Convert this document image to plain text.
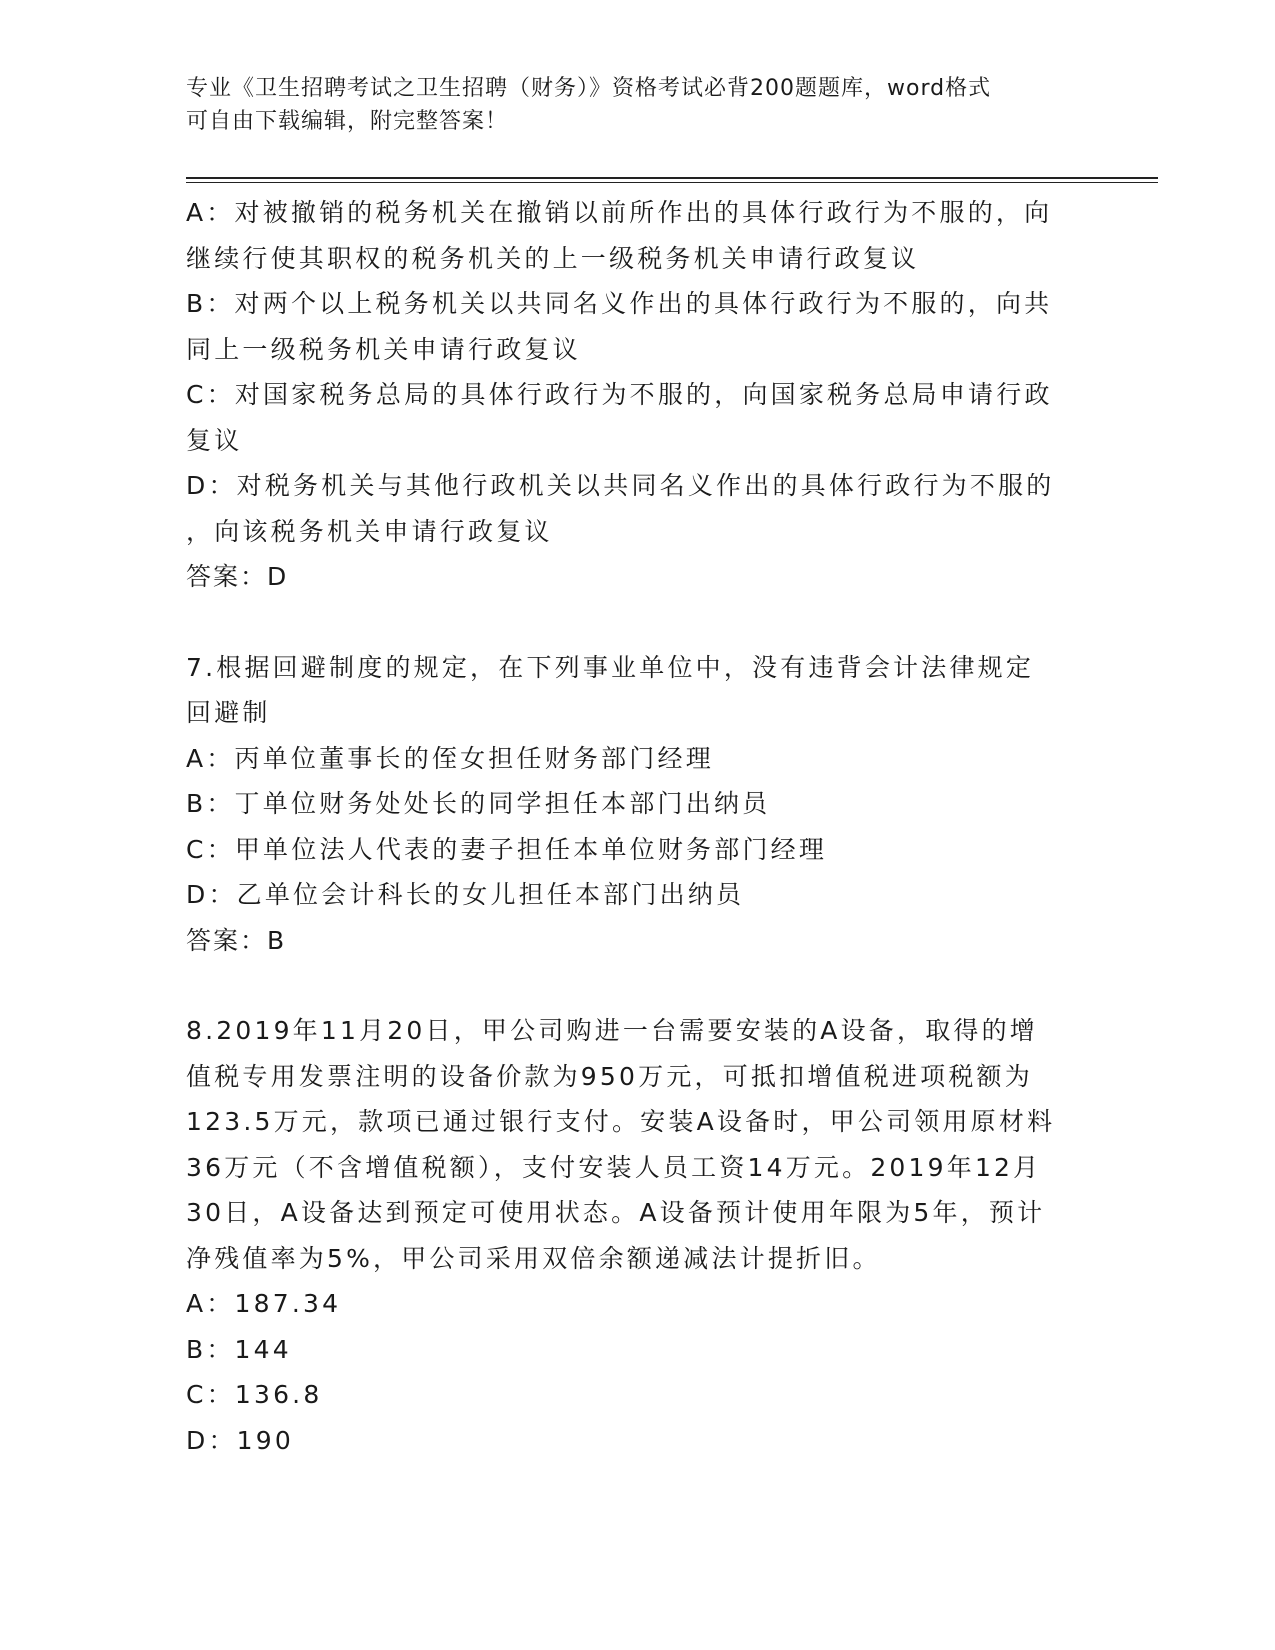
专业《卫生招聘考试之卫生招聘（财务）》资格考试必背200题题库，word格式
可自由下载编辑，附完整答案！
A：对被撤销的税务机关在撤销以前所作出的具体行政行为不服的，向
继续行使其职权的税务机关的上一级税务机关申请行政复议
B：对两个以上税务机关以共同名义作出的具体行政行为不服的，向共
同上一级税务机关申请行政复议
C：对国家税务总局的具体行政行为不服的，向国家税务总局申请行政
复议
D：对税务机关与其他行政机关以共同名义作出的具体行政行为不服的
，向该税务机关申请行政复议
答案：D
7.根据回避制度的规定，在下列事业单位中，没有违背会计法律规定
回避制
A：丙单位董事长的侄女担任财务部门经理
B：丁单位财务处处长的同学担任本部门出纳员
C：甲单位法人代表的妻子担任本单位财务部门经理
D：乙单位会计科长的女儿担任本部门出纳员
答案：B
8.2019年11月20日，甲公司购进一台需要安装的A设备，取得的增
值税专用发票注明的设备价款为950万元，可抵扣增值税进项税额为
123.5万元，款项已通过银行支付。安装A设备时，甲公司领用原材料
36万元（不含增值税额），支付安装人员工资14万元。2019年12月
30日，A设备达到预定可使用状态。A设备预计使用年限为5年，预计
净残值率为5%，甲公司采用双倍余额递减法计提折旧。
A：187.34
B：144
C：136.8
D：190
